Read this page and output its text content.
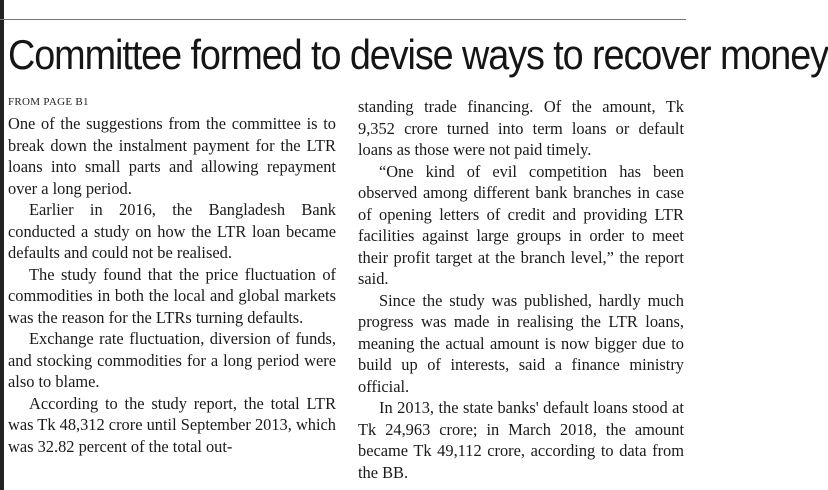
Committee formed to devise ways to recover money
FROM PAGE B1

One of the suggestions from the committee is to break down the instalment payment for the LTR loans into small parts and allowing repayment over a long period.

Earlier in 2016, the Bangladesh Bank conducted a study on how the LTR loan became defaults and could not be realised.

The study found that the price fluctuation of commodities in both the local and global markets was the reason for the LTRs turning defaults.

Exchange rate fluctuation, diversion of funds, and stocking commodities for a long period were also to blame.

According to the study report, the total LTR was Tk 48,312 crore until September 2013, which was 32.82 percent of the total out-

standing trade financing. Of the amount, Tk 9,352 crore turned into term loans or default loans as those were not paid timely.

“One kind of evil competition has been observed among different bank branches in case of opening letters of credit and providing LTR facilities against large groups in order to meet their profit target at the branch level,” the report said.

Since the study was published, hardly much progress was made in realising the LTR loans, meaning the actual amount is now bigger due to build up of interests, said a finance ministry official.

In 2013, the state banks' default loans stood at Tk 24,963 crore; in March 2018, the amount became Tk 49,112 crore, according to data from the BB.
